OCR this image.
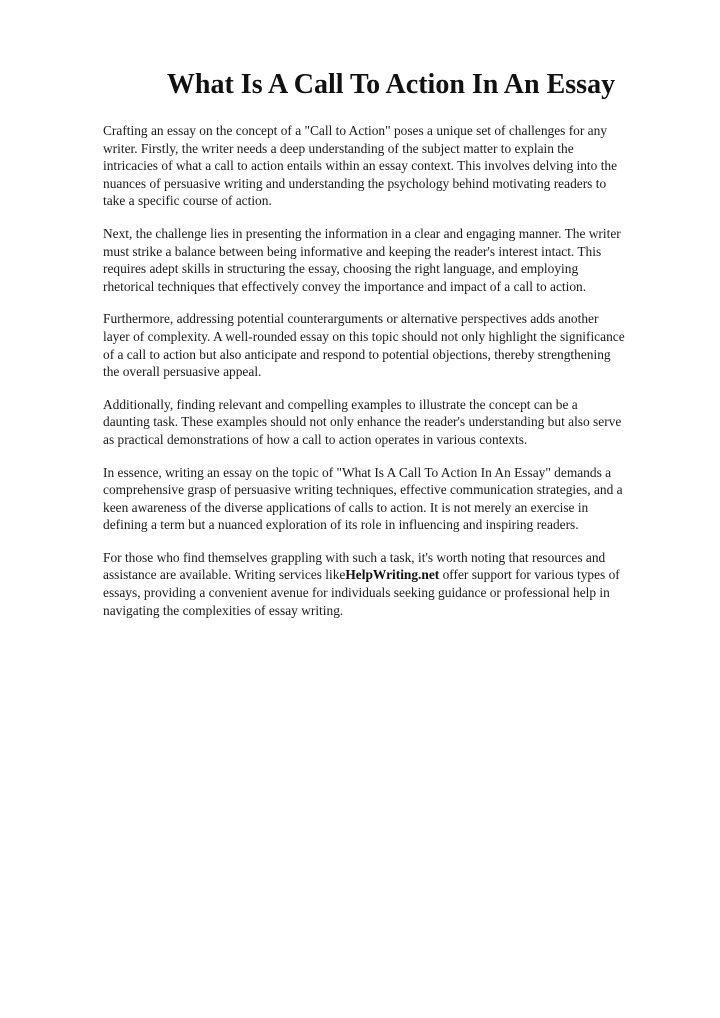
What Is A Call To Action In An Essay

Crafting an essay on the concept of a "Call to Action" poses a unique set of challenges for any
writer. Firstly, the writer needs a deep understanding of the subject matter to explain the
intricacies of what a call to action entails within an essay context. This involves delving into the
nuances of persuasive writing and understanding the psychology behind motivating readers to
take a specific course of action.

Next, the challenge lies in presenting the information in a clear and engaging manner. The writer
must strike a balance between being informative and keeping the reader's interest intact. This
requires adept skills in structuring the essay, choosing the right language, and employing
rhetorical techniques that effectively convey the importance and impact of a call to action.

Furthermore, addressing potential counterarguments or alternative perspectives adds another
layer of complexity. A well-rounded essay on this topic should not only highlight the significance
of a call to action but also anticipate and respond to potential objections, thereby strengthening
the overall persuasive appeal.

Additionally, finding relevant and compelling examples to illustrate the concept can be a
daunting task. These examples should not only enhance the reader's understanding but also serve
as practical demonstrations of how a call to action operates in various contexts.

In essence, writing an essay on the topic of "What Is A Call To Action In An Essay" demands a
comprehensive grasp of persuasive writing techniques, effective communication strategies, and a
keen awareness of the diverse applications of calls to action. It is not merely an exercise in
defining a term but a nuanced exploration of its role in influencing and inspiring readers.

For those who find themselves grappling with such a task, it's worth noting that resources and
assistance are available. Writing services likeHelpWriting.net offer support for various types of
essays, providing a convenient avenue for individuals seeking guidance or professional help in
navigating the complexities of essay writing.
